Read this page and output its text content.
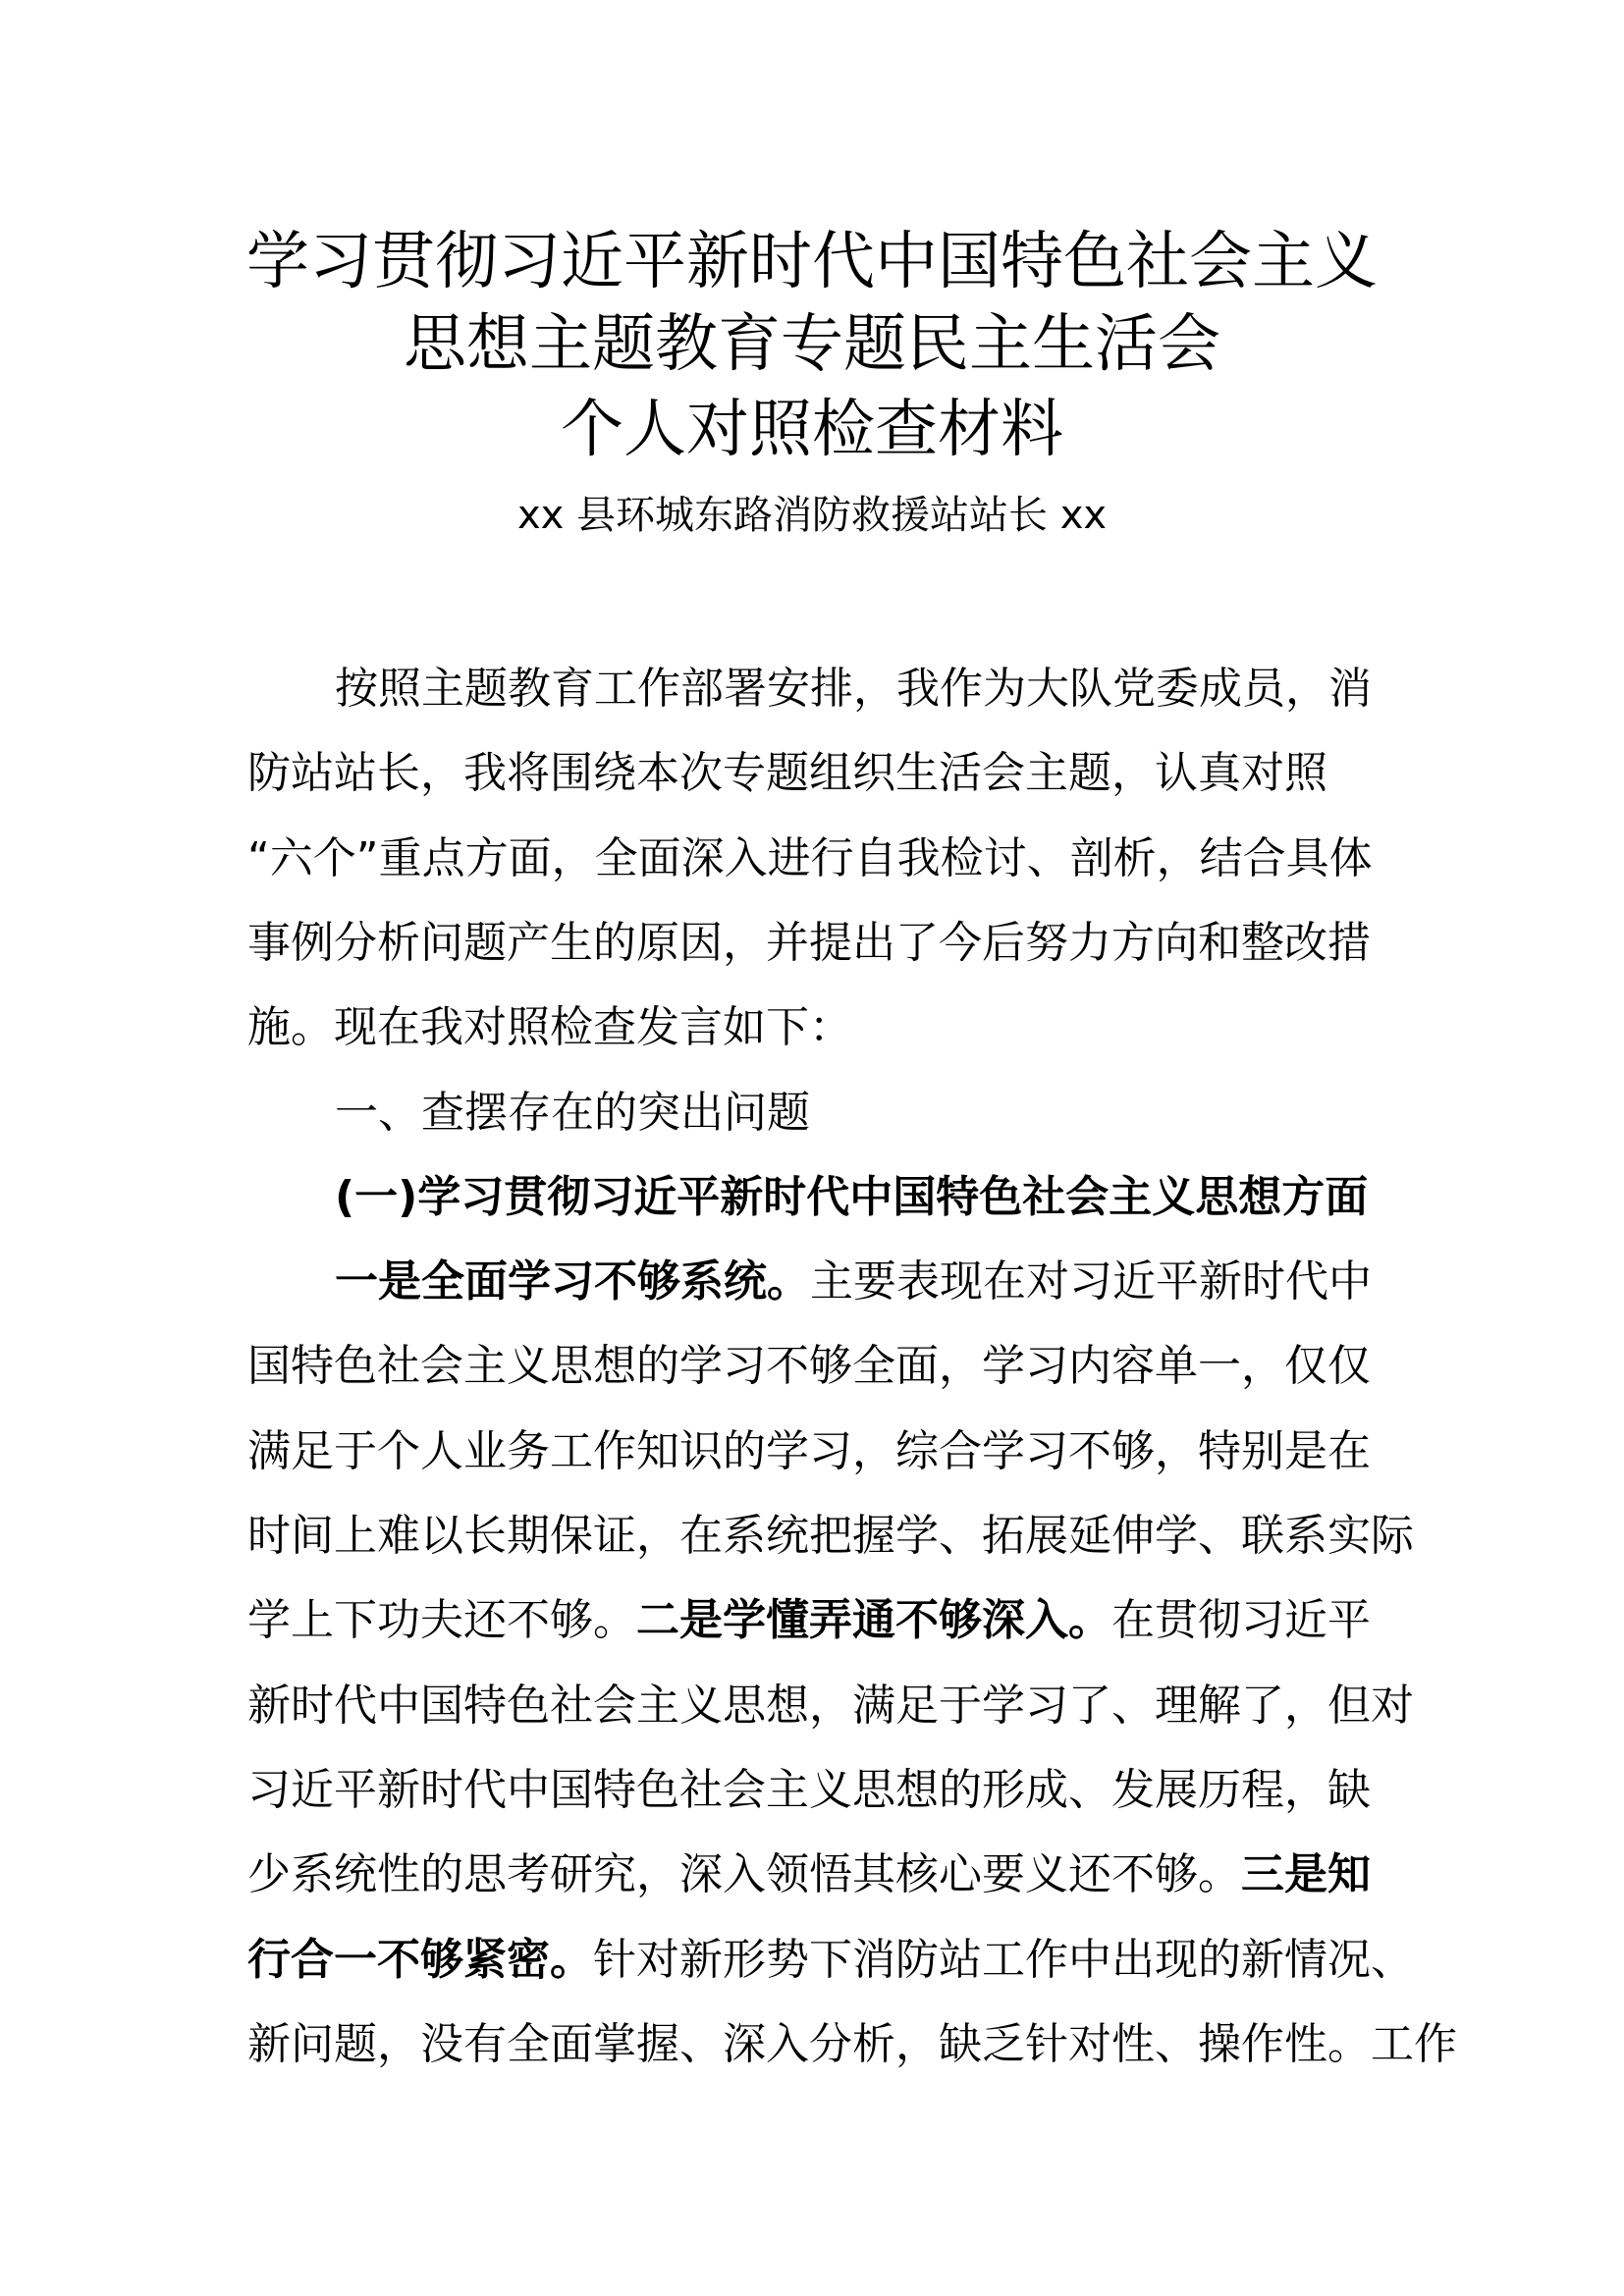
学习贯彻习近平新时代中国特色社会主义
思想主题教育专题民主生活会
个人对照检查材料
xx 县环城东路消防救援站站长 xx
按照主题教育工作部署安排，我作为大队党委成员，消
防站站长，我将围绕本次专题组织生活会主题，认真对照
“六个”重点方面，全面深入进行自我检讨、剖析，结合具体
事例分析问题产生的原因，并提出了今后努力方向和整改措
施。现在我对照检查发言如下：
一、查摆存在的突出问题
(一)学习贯彻习近平新时代中国特色社会主义思想方面
一是全面学习不够系统。主要表现在对习近平新时代中
国特色社会主义思想的学习不够全面，学习内容单一，仅仅
满足于个人业务工作知识的学习，综合学习不够，特别是在
时间上难以长期保证，在系统把握学、拓展延伸学、联系实际
学上下功夫还不够。二是学懂弄通不够深入。在贯彻习近平
新时代中国特色社会主义思想，满足于学习了、理解了，但对
习近平新时代中国特色社会主义思想的形成、发展历程，缺
少系统性的思考研究，深入领悟其核心要义还不够。三是知
行合一不够紧密。针对新形势下消防站工作中出现的新情况、
新问题，没有全面掌握、深入分析，缺乏针对性、操作性。工作
